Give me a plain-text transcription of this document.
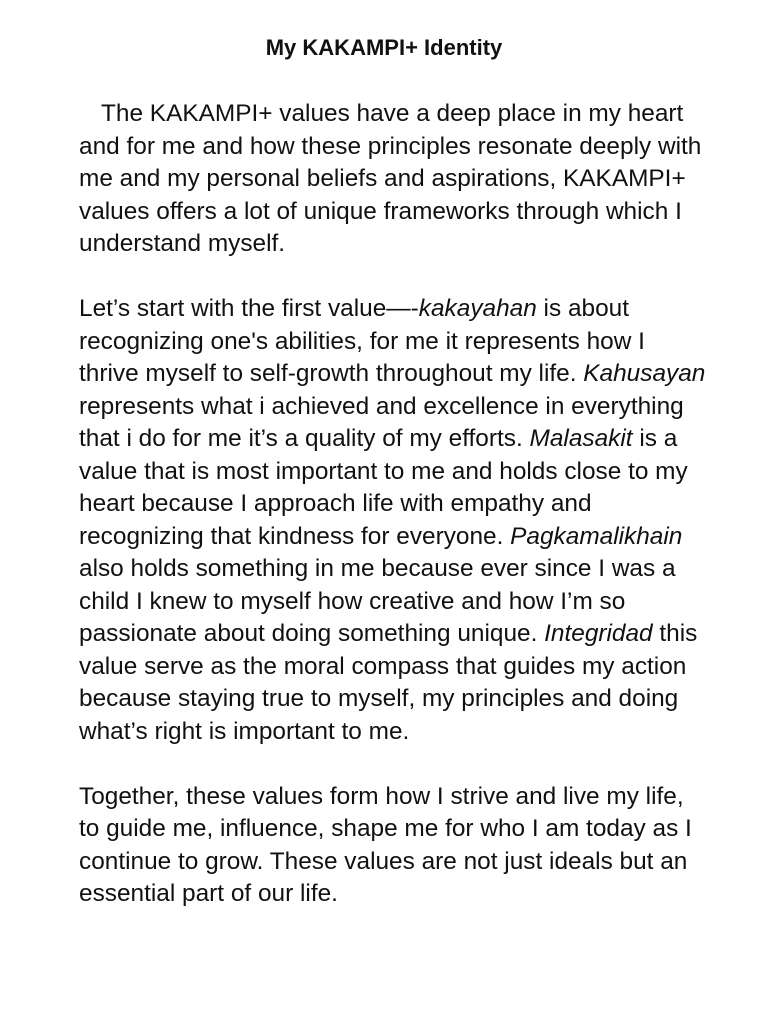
My KAKAMPI+ Identity

The KAKAMPI+ values have a deep place in my heart and for me and how these principles resonate deeply with me and my personal beliefs and aspirations, KAKAMPI+ values offers a lot of unique frameworks through which I understand myself.

Let’s start with the first value—-kakayahan is about recognizing one's abilities, for me it represents how I thrive myself to self-growth throughout my life. Kahusayan represents what i achieved and excellence in everything that i do for me it’s a quality of my efforts. Malasakit is a value that is most important to me and holds close to my heart because I approach life with empathy and recognizing that kindness for everyone. Pagkamalikhain also holds something in me because ever since I was a child I knew to myself how creative and how I’m so passionate about doing something unique. Integridad this value serve as the moral compass that guides my action because staying true to myself, my principles and doing what’s right is important to me.

Together, these values form how I strive and live my life, to guide me, influence, shape me for who I am today as I continue to grow. These values are not just ideals but an essential part of our life.
